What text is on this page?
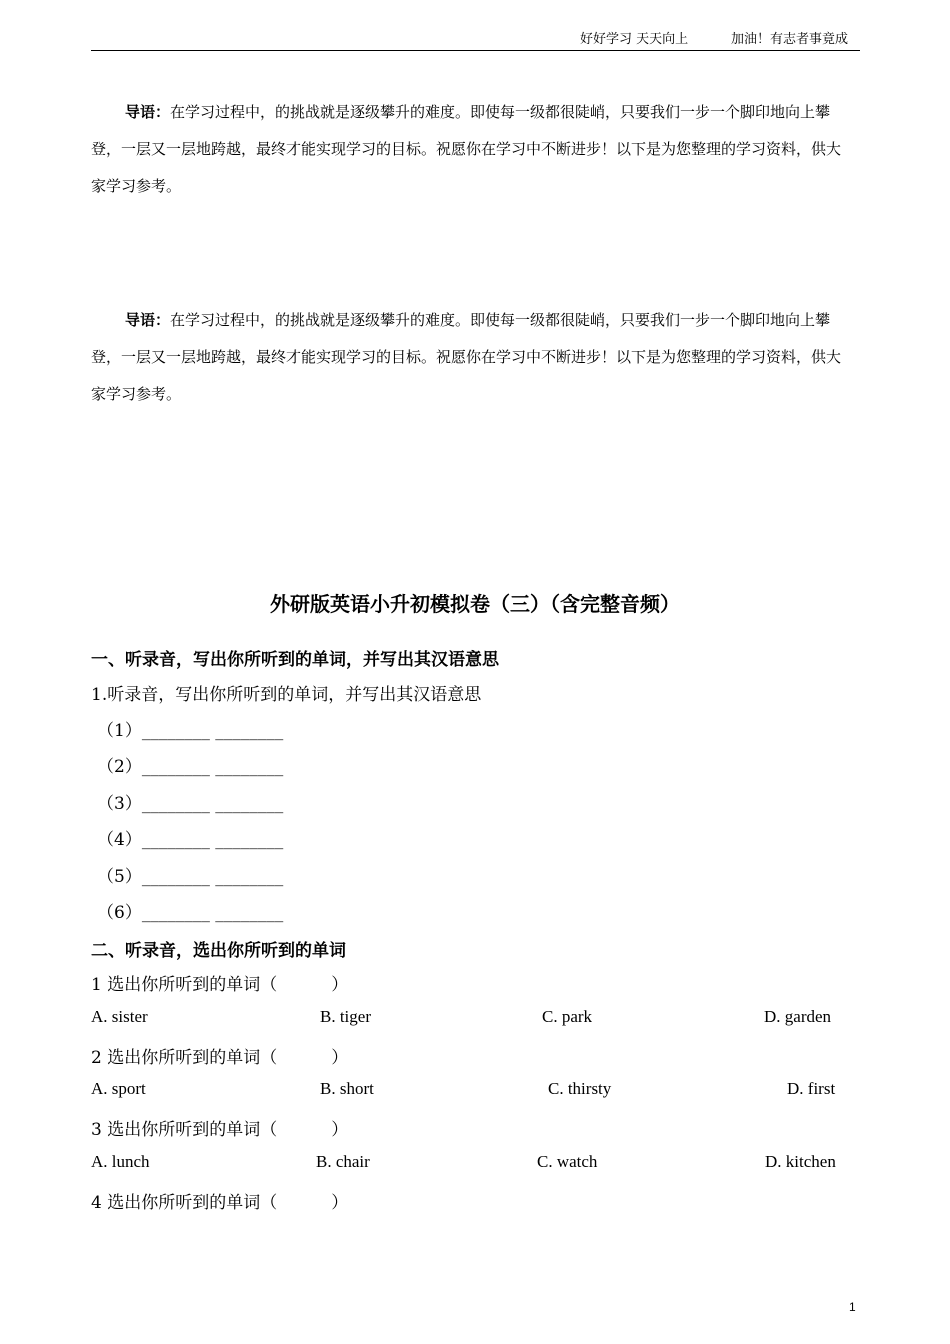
好好学习 天天向上	加油！有志者事竟成
导语：在学习过程中，的挑战就是逐级攀升的难度。即使每一级都很陡峭，只要我们一步一个脚印地向上攀登，一层又一层地跨越，最终才能实现学习的目标。祝愿你在学习中不断进步！以下是为您整理的学习资料，供大家学习参考。
导语：在学习过程中，的挑战就是逐级攀升的难度。即使每一级都很陡峭，只要我们一步一个脚印地向上攀登，一层又一层地跨越，最终才能实现学习的目标。祝愿你在学习中不断进步！以下是为您整理的学习资料，供大家学习参考。
外研版英语小升初模拟卷（三）（含完整音频）
一、听录音，写出你所听到的单词，并写出其汉语意思
1.听录音，写出你所听到的单词，并写出其汉语意思
（1）________ ________
（2）________ ________
（3）________ ________
（4）________ ________
（5）________ ________
（6）________ ________
二、听录音，选出你所听到的单词
1 选出你所听到的单词（          ）
A. sister	B. tiger	C. park	D. garden
2 选出你所听到的单词（          ）
A. sport	B. short	C. thirsty	D. first
3 选出你所听到的单词（          ）
A. lunch	B. chair	C. watch	D. kitchen
4 选出你所听到的单词（          ）
1
